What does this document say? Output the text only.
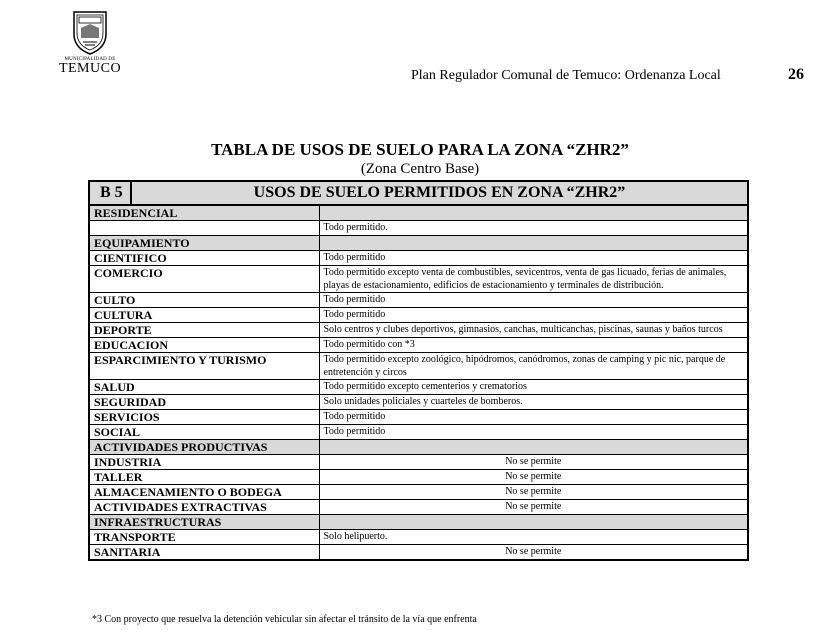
MUNICIPALIDAD DE
TEMUCO	Plan Regulador Comunal de Temuco: Ordenanza Local	26
TABLA DE USOS DE SUELO PARA LA ZONA “ZHR2”
(Zona Centro Base)
B 5	USOS DE SUELO PERMITIDOS EN ZONA “ZHR2”	
RESIDENCIAL		
		Todo permitido.
EQUIPAMIENTO		
CIENTIFICO		Todo permitido
COMERCIO		Todo permitido excepto venta de combustibles, sevicentros, venta de gas licuado, ferias de animales, playas de estacionamiento, edificios de estacionamiento y terminales de distribución.
CULTO		Todo permitido
CULTURA		Todo permitido
DEPORTE		Solo centros y clubes deportivos, gimnasios, canchas, multicanchas, piscinas, saunas y baños turcos
EDUCACION		Todo permitido con *3
ESPARCIMIENTO Y TURISMO		Todo permitido excepto zoológico, hipódromos, canódromos, zonas de camping y pic nic, parque de entretención y circos
SALUD		Todo permitido excepto cementerios y crematorios
SEGURIDAD		Solo unidades policiales y cuarteles de bomberos.
SERVICIOS		Todo permitido
SOCIAL		Todo permitido
ACTIVIDADES PRODUCTIVAS		
INDUSTRIA		No se permite
TALLER		No se permite
ALMACENAMIENTO O BODEGA		No se permite
ACTIVIDADES EXTRACTIVAS		No se permite
INFRAESTRUCTURAS		
TRANSPORTE		Solo helipuerto.
SANITARIA		No se permite
*3 Con proyecto que resuelva la detención vehicular sin afectar el tránsito de la vía que enfrenta
